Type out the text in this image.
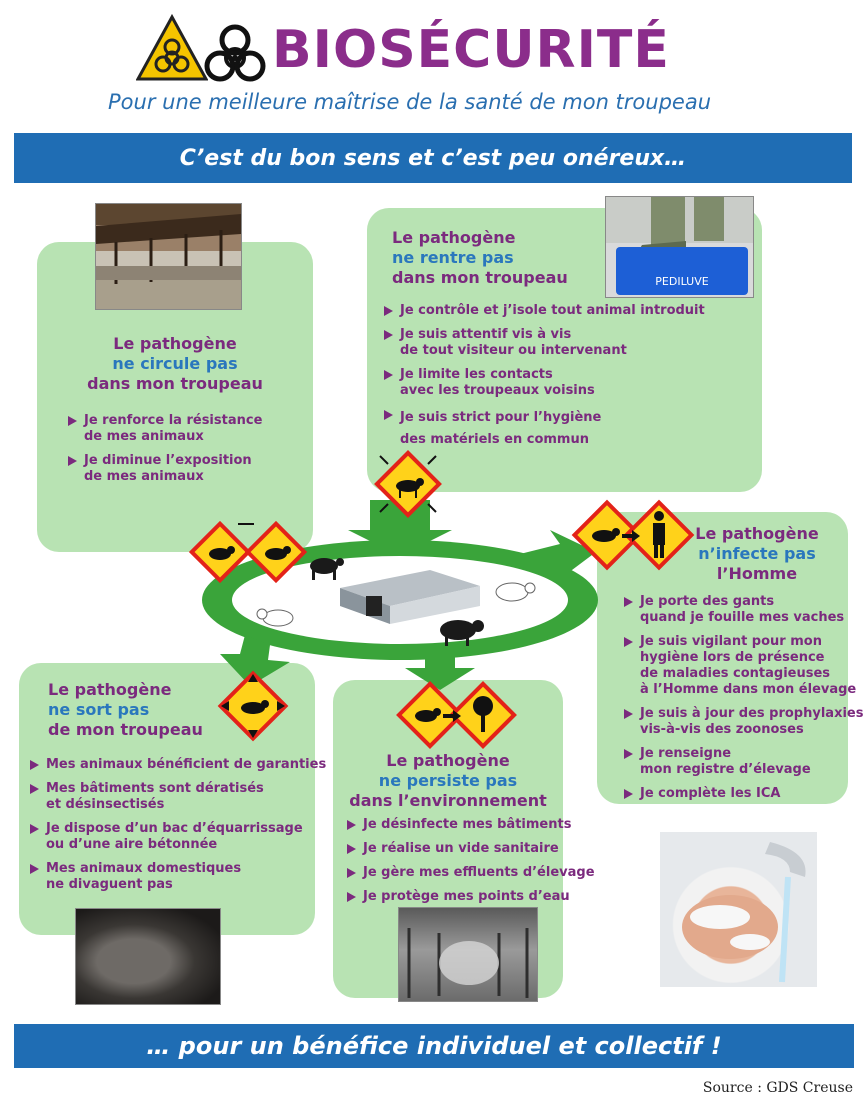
BIOSÉCURITÉ
Pour une meilleure maîtrise de la santé de mon troupeau
C’est du bon sens et c’est peu onéreux…
Le pathogène
ne circule pas
dans mon troupeau
Je renforce la résistance
de mes animaux
Je diminue l’exposition
de mes animaux
PEDILUVE
Le pathogène
ne rentre pas
dans mon troupeau
Je contrôle et j’isole tout animal introduit
Je suis attentif vis à vis
de tout visiteur ou intervenant
Je limite les contacts
avec les troupeaux voisins
Je suis strict pour l’hygiène
des matériels en commun
Le pathogène
n’infecte pas
l’Homme
Je porte des gants
quand je fouille mes vaches
Je suis vigilant pour mon
hygiène lors de présence
de maladies contagieuses
à l’Homme dans mon élevage
Je suis à jour des prophylaxies
vis-à-vis des zoonoses
Je renseigne
mon registre d’élevage
Je complète les ICA
Le pathogène
ne sort pas
de mon troupeau
Mes animaux bénéficient de garanties
Mes bâtiments sont dératisés
et désinsectisés
Je dispose d’un bac d’équarrissage
ou d’une aire bétonnée
Mes animaux domestiques
ne divaguent pas
Le pathogène
ne persiste pas
dans l’environnement
Je désinfecte mes bâtiments
Je réalise un vide sanitaire
Je gère mes effluents d’élevage
Je protège mes points d’eau
… pour un bénéfice individuel et collectif !
Source : GDS Creuse
